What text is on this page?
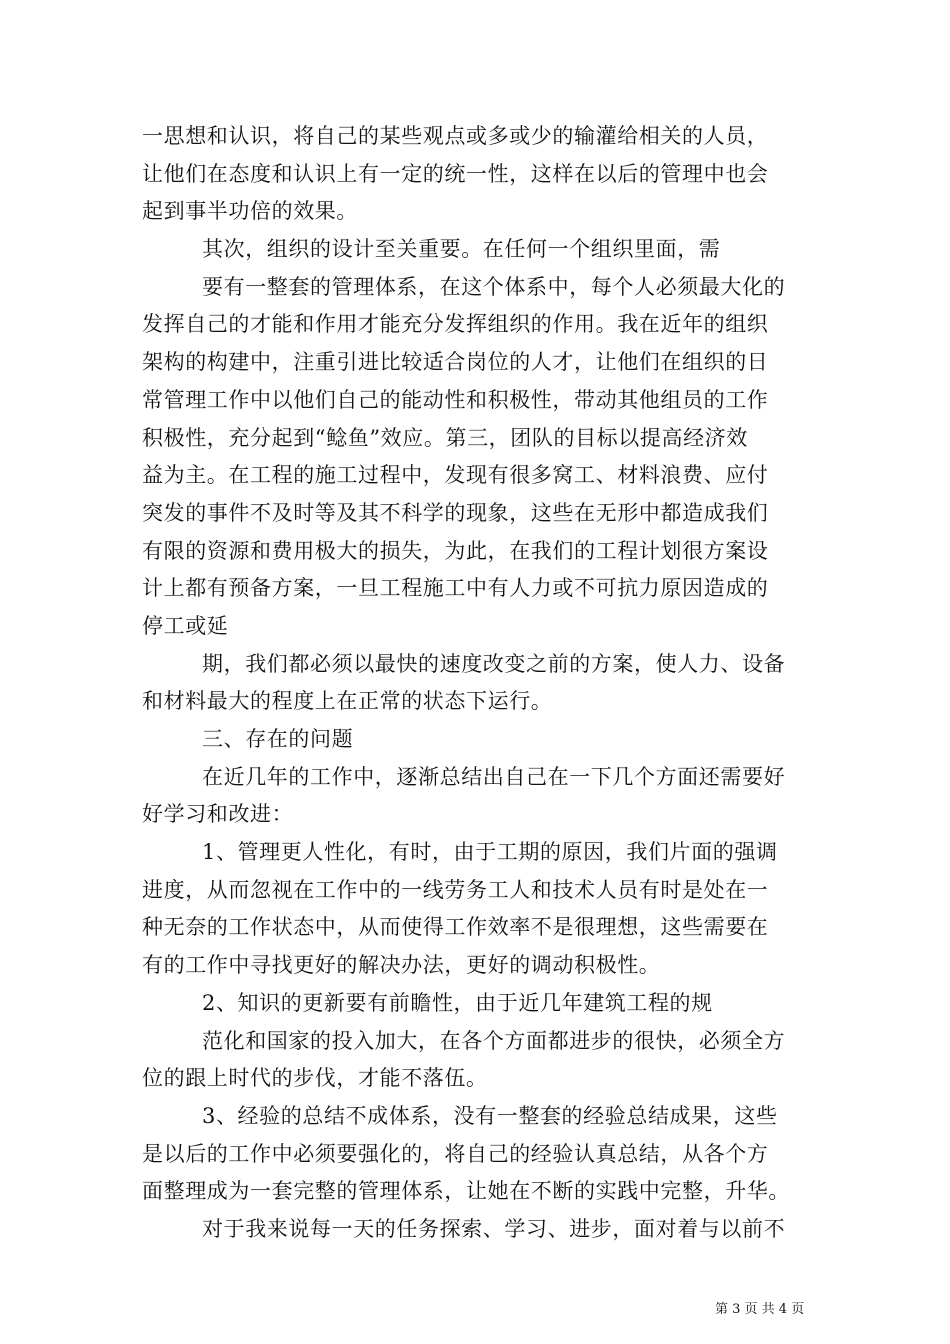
一思想和认识，将自己的某些观点或多或少的输灌给相关的人员，
让他们在态度和认识上有一定的统一性，这样在以后的管理中也会
起到事半功倍的效果。
其次，组织的设计至关重要。在任何一个组织里面，需
要有一整套的管理体系，在这个体系中，每个人必须最大化的
发挥自己的才能和作用才能充分发挥组织的作用。我在近年的组织
架构的构建中，注重引进比较适合岗位的人才，让他们在组织的日
常管理工作中以他们自己的能动性和积极性，带动其他组员的工作
积极性，充分起到“鲶鱼”效应。第三，团队的目标以提高经济效
益为主。在工程的施工过程中，发现有很多窝工、材料浪费、应付
突发的事件不及时等及其不科学的现象，这些在无形中都造成我们
有限的资源和费用极大的损失，为此，在我们的工程计划很方案设
计上都有预备方案，一旦工程施工中有人力或不可抗力原因造成的
停工或延
期，我们都必须以最快的速度改变之前的方案，使人力、设备
和材料最大的程度上在正常的状态下运行。
三、存在的问题
在近几年的工作中，逐渐总结出自己在一下几个方面还需要好
好学习和改进：
1、管理更人性化，有时，由于工期的原因，我们片面的强调
进度，从而忽视在工作中的一线劳务工人和技术人员有时是处在一
种无奈的工作状态中，从而使得工作效率不是很理想，这些需要在
有的工作中寻找更好的解决办法，更好的调动积极性。
2、知识的更新要有前瞻性，由于近几年建筑工程的规
范化和国家的投入加大，在各个方面都进步的很快，必须全方
位的跟上时代的步伐，才能不落伍。
3、经验的总结不成体系，没有一整套的经验总结成果，这些
是以后的工作中必须要强化的，将自己的经验认真总结，从各个方
面整理成为一套完整的管理体系，让她在不断的实践中完整，升华。
对于我来说每一天的任务探索、学习、进步，面对着与以前不
第 3 页 共 4 页
